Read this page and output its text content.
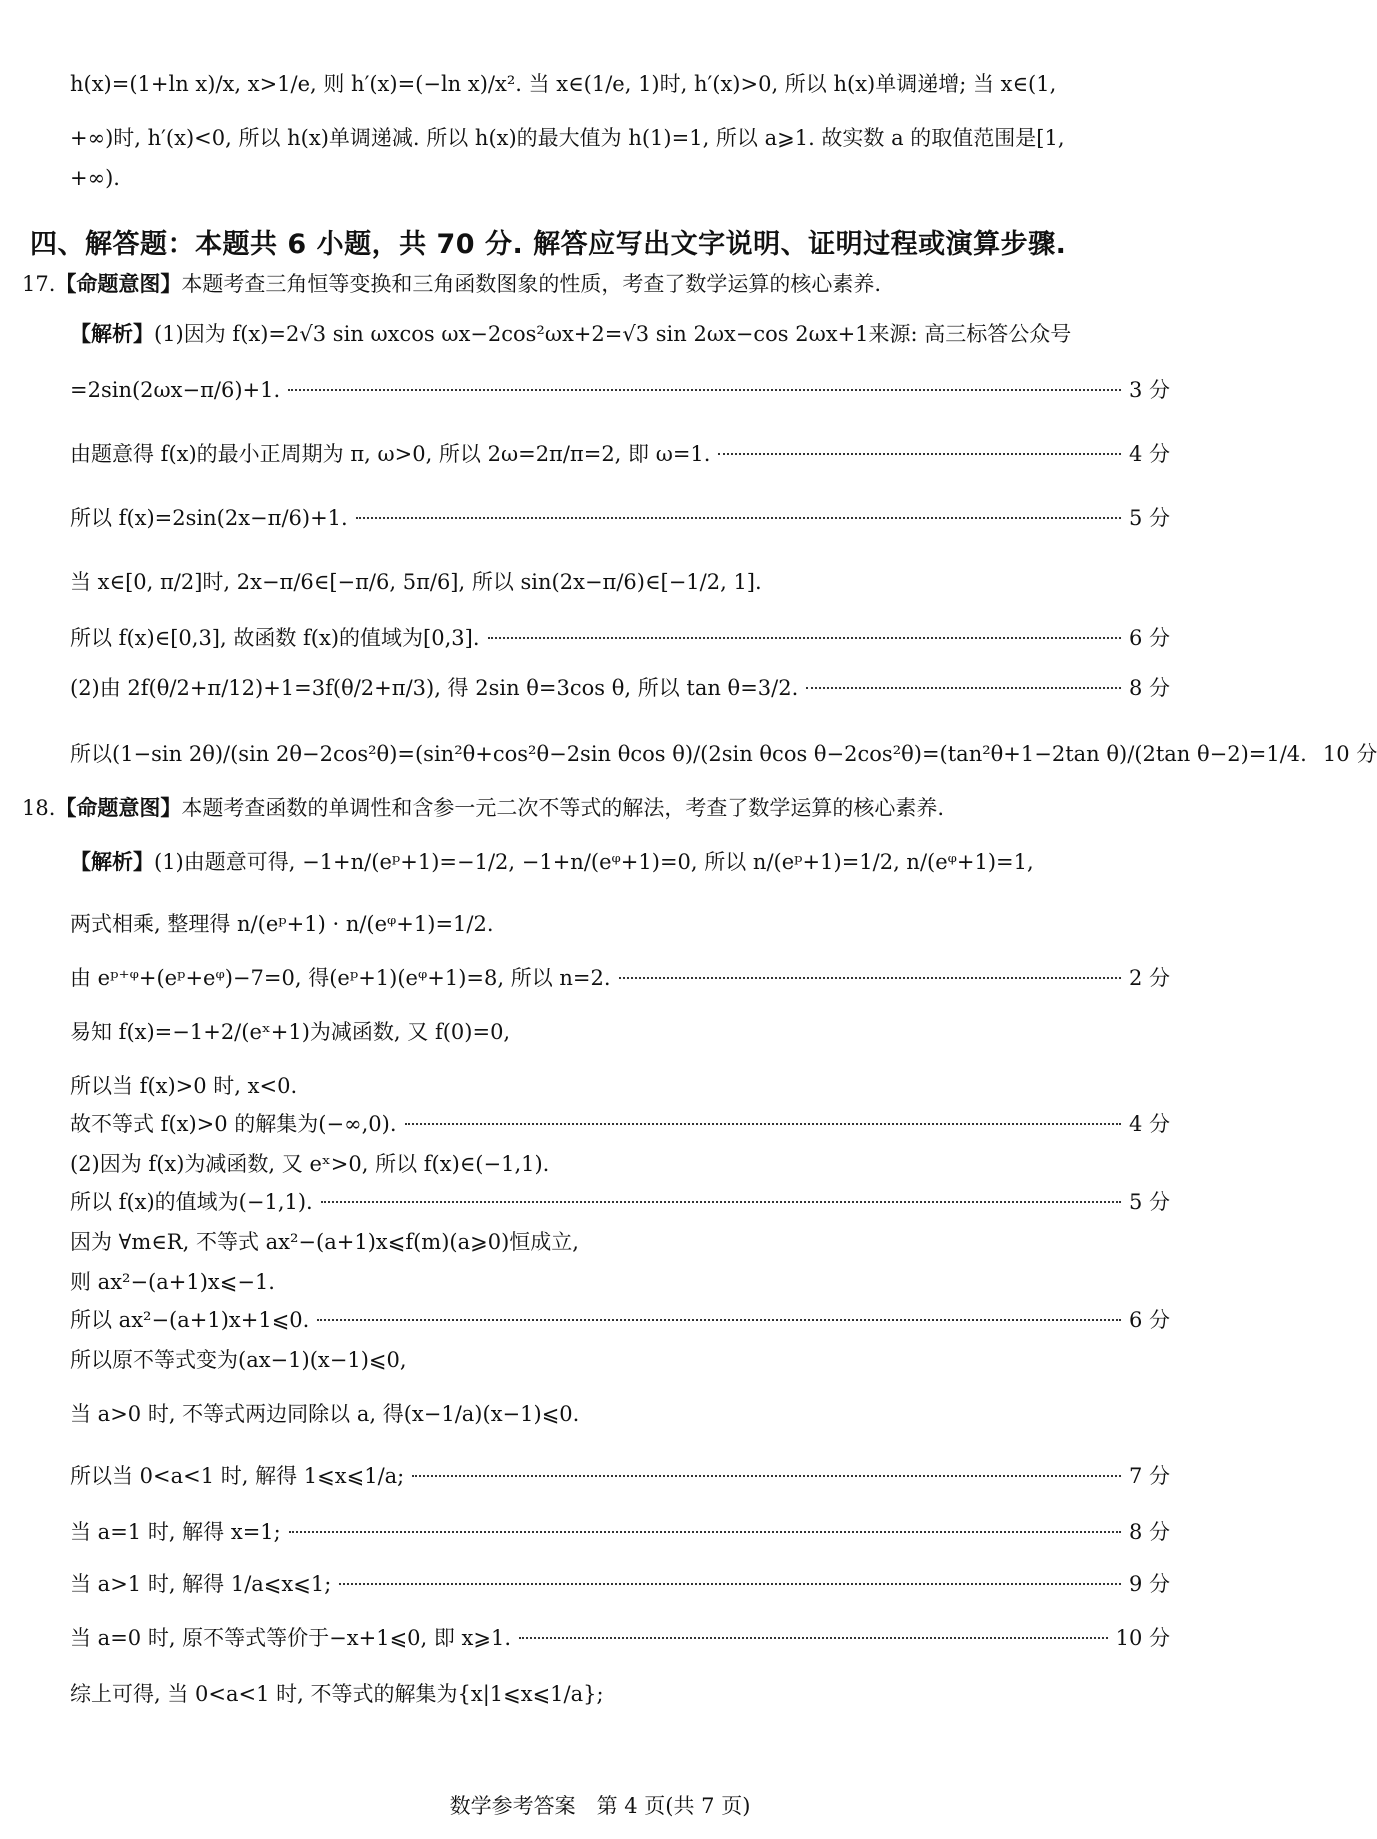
h(x)=(1+ln x)/x, x>1/e, 则 h′(x)=(−ln x)/x². 当 x∈(1/e, 1)时, h′(x)>0, 所以 h(x)单调递增; 当 x∈(1,
+∞)时, h′(x)<0, 所以 h(x)单调递减. 所以 h(x)的最大值为 h(1)=1, 所以 a⩾1. 故实数 a 的取值范围是[1,
+∞).
四、解答题：本题共 6 小题，共 70 分. 解答应写出文字说明、证明过程或演算步骤.
17.【命题意图】本题考查三角恒等变换和三角函数图象的性质，考查了数学运算的核心素养.
【解析】(1)因为 f(x)=2√3 sin ωxcos ωx−2cos²ωx+2=√3 sin 2ωx−cos 2ωx+1来源: 高三标答公众号
=2sin(2ωx−π/6)+1.	3 分
由题意得 f(x)的最小正周期为 π, ω>0, 所以 2ω=2π/π=2, 即 ω=1.	4 分
所以 f(x)=2sin(2x−π/6)+1.	5 分
当 x∈[0, π/2]时, 2x−π/6∈[−π/6, 5π/6], 所以 sin(2x−π/6)∈[−1/2, 1].
所以 f(x)∈[0,3], 故函数 f(x)的值域为[0,3].	6 分
(2)由 2f(θ/2+π/12)+1=3f(θ/2+π/3), 得 2sin θ=3cos θ, 所以 tan θ=3/2.	8 分
所以(1−sin 2θ)/(sin 2θ−2cos²θ)=(sin²θ+cos²θ−2sin θcos θ)/(2sin θcos θ−2cos²θ)=(tan²θ+1−2tan θ)/(2tan θ−2)=1/4. 10 分
18.【命题意图】本题考查函数的单调性和含参一元二次不等式的解法，考查了数学运算的核心素养.
【解析】(1)由题意可得, −1+n/(eᵖ+1)=−1/2, −1+n/(eᵠ+1)=0, 所以 n/(eᵖ+1)=1/2, n/(eᵠ+1)=1,
两式相乘, 整理得 n/(eᵖ+1) · n/(eᵠ+1)=1/2.
由 eᵖ⁺ᵠ+(eᵖ+eᵠ)−7=0, 得(eᵖ+1)(eᵠ+1)=8, 所以 n=2.	2 分
易知 f(x)=−1+2/(eˣ+1)为减函数, 又 f(0)=0,
所以当 f(x)>0 时, x<0.
故不等式 f(x)>0 的解集为(−∞,0).	4 分
(2)因为 f(x)为减函数, 又 eˣ>0, 所以 f(x)∈(−1,1).
所以 f(x)的值域为(−1,1).	5 分
因为 ∀m∈R, 不等式 ax²−(a+1)x⩽f(m)(a⩾0)恒成立,
则 ax²−(a+1)x⩽−1.
所以 ax²−(a+1)x+1⩽0.	6 分
所以原不等式变为(ax−1)(x−1)⩽0,
当 a>0 时, 不等式两边同除以 a, 得(x−1/a)(x−1)⩽0.
所以当 0<a<1 时, 解得 1⩽x⩽1/a;	7 分
当 a=1 时, 解得 x=1;	8 分
当 a>1 时, 解得 1/a⩽x⩽1;	9 分
当 a=0 时, 原不等式等价于−x+1⩽0, 即 x⩾1.	10 分
综上可得, 当 0<a<1 时, 不等式的解集为{x|1⩽x⩽1/a};
数学参考答案　第 4 页(共 7 页)
